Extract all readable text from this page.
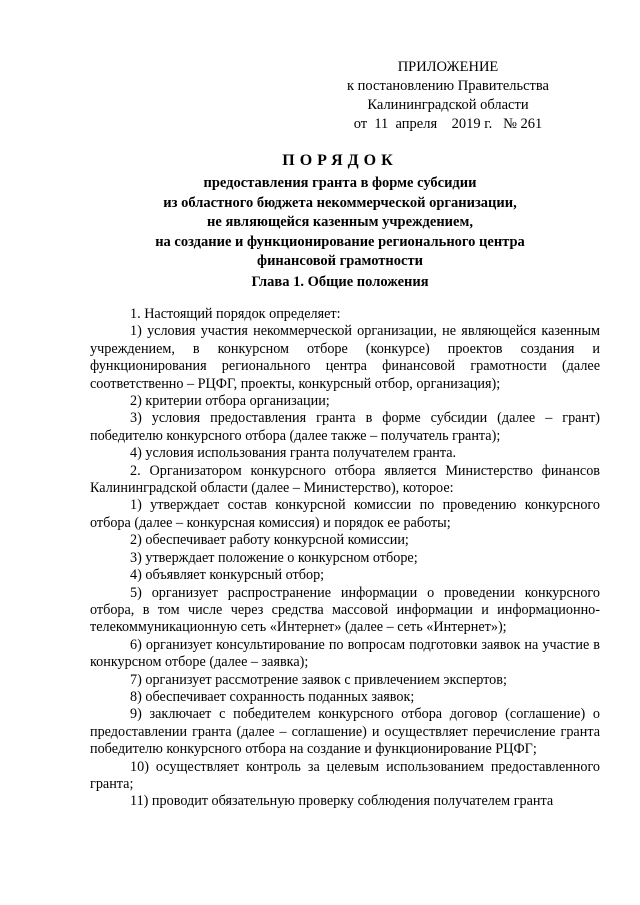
ПРИЛОЖЕНИЕ
к постановлению Правительства
Калининградской области
от  11  апреля    2019 г.   № 261
ПОРЯДОК
предоставления гранта в форме субсидии
из областного бюджета некоммерческой организации,
не являющейся казенным учреждением,
на создание и функционирование регионального центра
финансовой грамотности
Глава 1. Общие положения

1. Настоящий порядок определяет:

1) условия участия некоммерческой организации, не являющейся казенным учреждением, в конкурсном отборе (конкурсе) проектов создания и функционирования регионального центра финансовой грамотности (далее соответственно – РЦФГ, проекты, конкурсный отбор, организация);

2) критерии отбора организации;

3) условия предоставления гранта в форме субсидии (далее – грант) победителю конкурсного отбора (далее также – получатель гранта);

4) условия использования гранта получателем гранта.

2. Организатором конкурсного отбора является Министерство финансов Калининградской области (далее – Министерство), которое:

1) утверждает состав конкурсной комиссии по проведению конкурсного отбора (далее – конкурсная комиссия) и порядок ее работы;

2) обеспечивает работу конкурсной комиссии;

3) утверждает положение о конкурсном отборе;

4) объявляет конкурсный отбор;

5) организует распространение информации о проведении конкурсного отбора, в том числе через средства массовой информации и информационно-телекоммуникационную сеть «Интернет» (далее – сеть «Интернет»);

6) организует консультирование по вопросам подготовки заявок на участие в конкурсном отборе (далее – заявка);

7) организует рассмотрение заявок с привлечением экспертов;

8) обеспечивает сохранность поданных заявок;

9) заключает с победителем конкурсного отбора договор (соглашение) о предоставлении гранта (далее – соглашение) и осуществляет перечисление гранта победителю конкурсного отбора на создание и функционирование РЦФГ;

10) осуществляет контроль за целевым использованием предоставленного гранта;

11) проводит обязательную проверку соблюдения получателем гранта
